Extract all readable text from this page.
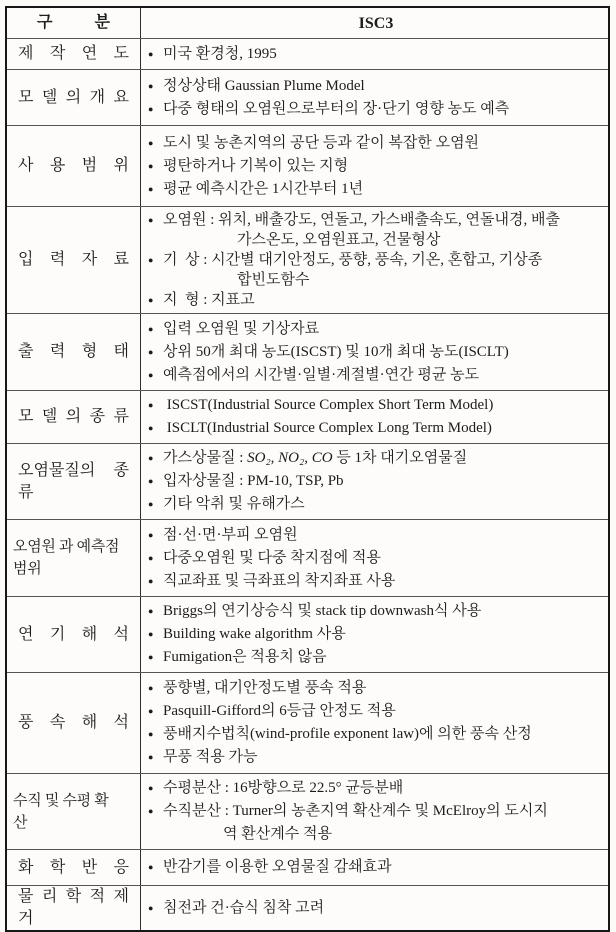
구 분	ISC3
제 작 연 도 ● 미국 환경청, 1995
모 델 의 개 요
● 정상상태 Gaussian Plume Model
● 다중 형태의 오염원으로부터의 장·단기 영향 농도 예측
사 용 범 위
● 도시 및 농촌지역의 공단 등과 같이 복잡한 오염원
● 평탄하거나 기복이 있는 지형
● 평균 예측시간은 1시간부터 1년
입 력 자 료
● 오염원 : 위치, 배출강도, 연돌고, 가스배출속도, 연돌내경, 배출
가스온도, 오염원표고, 건물형상
● 기  상 : 시간별 대기안정도, 풍향, 풍속, 기온, 혼합고, 기상종
합빈도함수
● 지  형 : 지표고
출 력 형 태
● 입력 오염원 및 기상자료
● 상위 50개 최대 농도(ISCST) 및 10개 최대 농도(ISCLT)
● 예측점에서의 시간별·일별·계절별·연간 평균 농도
모 델 의 종 류
● ISCST(Industrial Source Complex Short Term Model)
● ISCLT(Industrial Source Complex Long Term Model)
오염물질의 종류
● 가스상물질 : SO₂, NO₂, CO 등 1차 대기오염물질
● 입자상물질 : PM-10, TSP, Pb
● 기타 악취 및 유해가스
오염원 과 예측점
범위
● 점·선·면·부피 오염원
● 다중오염원 및 다중 착지점에 적용
● 직교좌표 및 극좌표의 착지좌표 사용
연 기 해 석
● Briggs의 연기상승식 및 stack tip downwash식 사용
● Building wake algorithm 사용
● Fumigation은 적용치 않음
풍 속 해 석
● 풍향별, 대기안정도별 풍속 적용
● Pasquill-Gifford의 6등급 안정도 적용
● 풍배지수법칙(wind-profile exponent law)에 의한 풍속 산정
● 무풍 적용 가능
수직 및 수평 확
산
● 수평분산 : 16방향으로 22.5° 균등분배
● 수직분산 : Turner의 농촌지역 확산계수 및 McElroy의 도시지
역 환산계수 적용
화 학 반 응 ● 반감기를 이용한 오염물질 감쇄효과
물 리 학 적 제 거
● 침전과 건·습식 침착 고려
